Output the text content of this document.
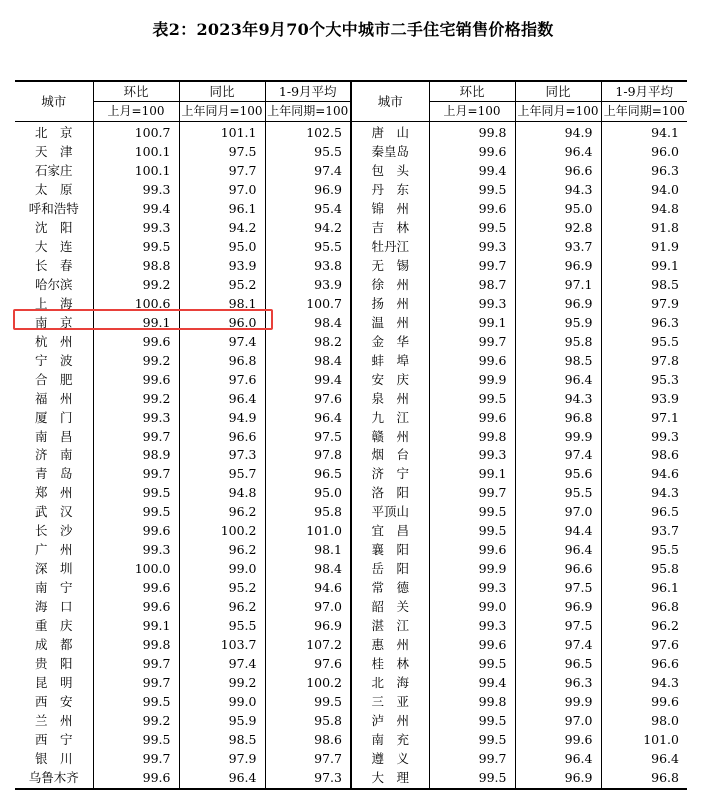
表2：2023年9月70个大中城市二手住宅销售价格指数
城市	环比	同比	1-9月平均	城市	环比	同比	1-9月平均
	上月=100	上年同月=100	上年同期=100		上月=100	上年同月=100	上年同期=100
北　京	100.7	101.1	102.5	唐　山	99.8	94.9	94.1
天　津	100.1	97.5	95.5	秦皇岛	99.6	96.4	96.0
石家庄	100.1	97.7	97.4	包　头	99.4	96.6	96.3
太　原	99.3	97.0	96.9	丹　东	99.5	94.3	94.0
呼和浩特	99.4	96.1	95.4	锦　州	99.6	95.0	94.8
沈　阳	99.3	94.2	94.2	吉　林	99.5	92.8	91.8
大　连	99.5	95.0	95.5	牡丹江	99.3	93.7	91.9
长　春	98.8	93.9	93.8	无　锡	99.7	96.9	99.1
哈尔滨	99.2	95.2	93.9	徐　州	98.7	97.1	98.5
上　海	100.6	98.1	100.7	扬　州	99.3	96.9	97.9
南　京	99.1	96.0	98.4	温　州	99.1	95.9	96.3
杭　州	99.6	97.4	98.2	金　华	99.7	95.8	95.5
宁　波	99.2	96.8	98.4	蚌　埠	99.6	98.5	97.8
合　肥	99.6	97.6	99.4	安　庆	99.9	96.4	95.3
福　州	99.2	96.4	97.6	泉　州	99.5	94.3	93.9
厦　门	99.3	94.9	96.4	九　江	99.6	96.8	97.1
南　昌	99.7	96.6	97.5	赣　州	99.8	99.9	99.3
济　南	98.9	97.3	97.8	烟　台	99.3	97.4	98.6
青　岛	99.7	95.7	96.5	济　宁	99.1	95.6	94.6
郑　州	99.5	94.8	95.0	洛　阳	99.7	95.5	94.3
武　汉	99.5	96.2	95.8	平顶山	99.5	97.0	96.5
长　沙	99.6	100.2	101.0	宜　昌	99.5	94.4	93.7
广　州	99.3	96.2	98.1	襄　阳	99.6	96.4	95.5
深　圳	100.0	99.0	98.4	岳　阳	99.9	96.6	95.8
南　宁	99.6	95.2	94.6	常　德	99.3	97.5	96.1
海　口	99.6	96.2	97.0	韶　关	99.0	96.9	96.8
重　庆	99.1	95.5	96.9	湛　江	99.3	97.5	96.2
成　都	99.8	103.7	107.2	惠　州	99.6	97.4	97.6
贵　阳	99.7	97.4	97.6	桂　林	99.5	96.5	96.6
昆　明	99.7	99.2	100.2	北　海	99.4	96.3	94.3
西　安	99.5	99.0	99.5	三　亚	99.8	99.9	99.6
兰　州	99.2	95.9	95.8	泸　州	99.5	97.0	98.0
西　宁	99.5	98.5	98.6	南　充	99.5	99.6	101.0
银　川	99.7	97.9	97.7	遵　义	99.7	96.4	96.4
乌鲁木齐	99.6	96.4	97.3	大　理	99.5	96.9	96.8
